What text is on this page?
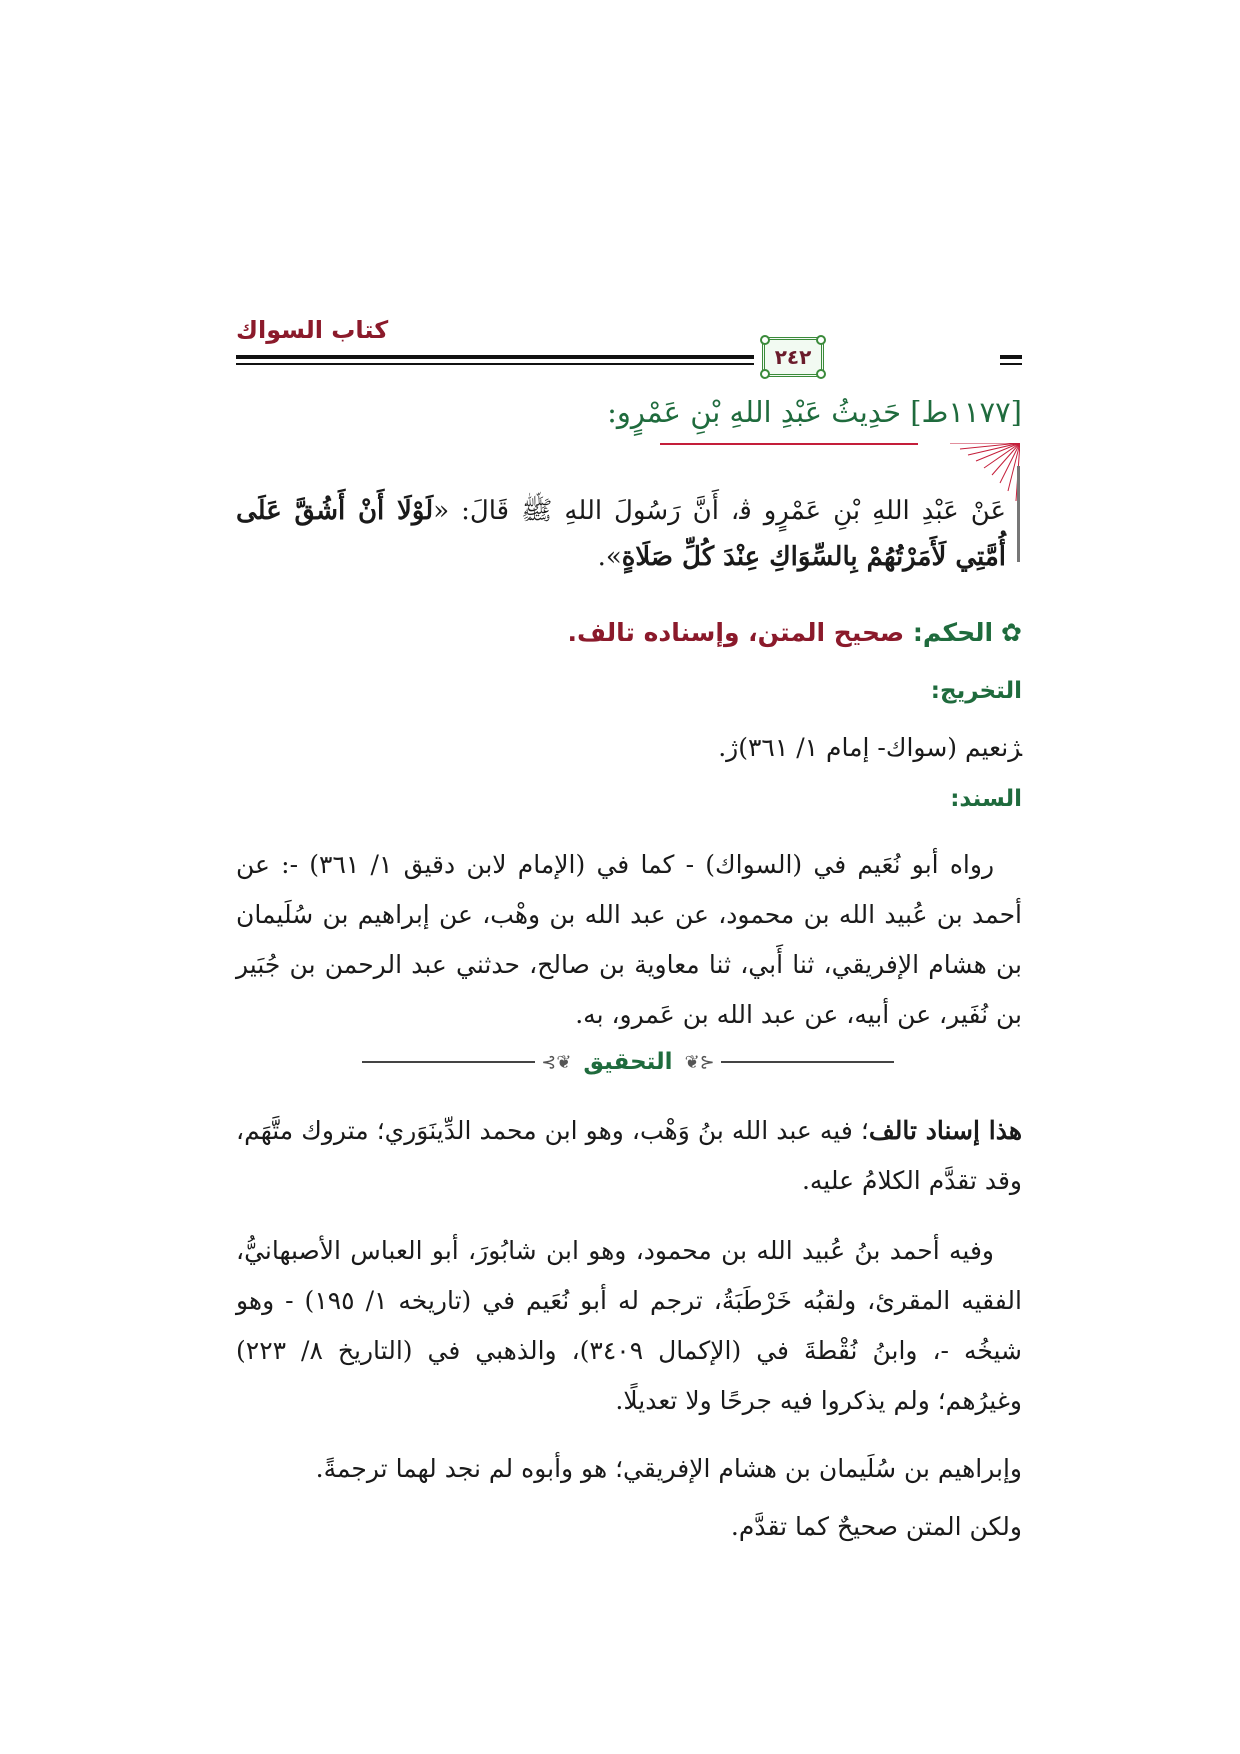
كتاب السواك
٢٤٢
[١١٧٧ط] حَدِيثُ عَبْدِ اللهِ بْنِ عَمْرٍو:
عَنْ عَبْدِ اللهِ بْنِ عَمْرٍو ﭬ، أَنَّ رَسُولَ اللهِ ﷺ قَالَ: «لَوْلَا أَنْ أَشُقَّ عَلَى أُمَّتِي لَأَمَرْتُهُمْ بِالسِّوَاكِ عِنْدَ كُلِّ صَلَاةٍ».
✿الحكم: صحيح المتن، وإسناده تالف.
التخريج:
ﮋنعيم (سواك- إمام ١/ ٣٦١)ﮊ.
السند:
رواه أبو نُعَيم في (السواك) - كما في (الإمام لابن دقيق ١/ ٣٦١) -: عن أحمد بن عُبيد الله بن محمود، عن عبد الله بن وهْب، عن إبراهيم بن سُلَيمان بن هشام الإفريقي، ثنا أَبي، ثنا معاوية بن صالح، حدثني عبد الرحمن بن جُبَير بن نُفَير، عن أبيه، عن عبد الله بن عَمرو، به.
⊰❦
التحقيق
❦⊱
هذا إسناد تالف؛ فيه عبد الله بنُ وَهْب، وهو ابن محمد الدِّينَوَري؛ متروك متَّهَم، وقد تقدَّم الكلامُ عليه.
وفيه أحمد بنُ عُبيد الله بن محمود، وهو ابن شابُورَ، أبو العباس الأصبهانيُّ، الفقيه المقرئ، ولقبُه خَرْطَبَةُ، ترجم له أبو نُعَيم في (تاريخه ١/ ١٩٥) - وهو شيخُه -، وابنُ نُقْطةَ في (الإكمال ٣٤٠٩)، والذهبي في (التاريخ ٨/ ٢٢٣) وغيرُهم؛ ولم يذكروا فيه جرحًا ولا تعديلًا.
وإبراهيم بن سُلَيمان بن هشام الإفريقي؛ هو وأبوه لم نجد لهما ترجمةً.
ولكن المتن صحيحٌ كما تقدَّم.
